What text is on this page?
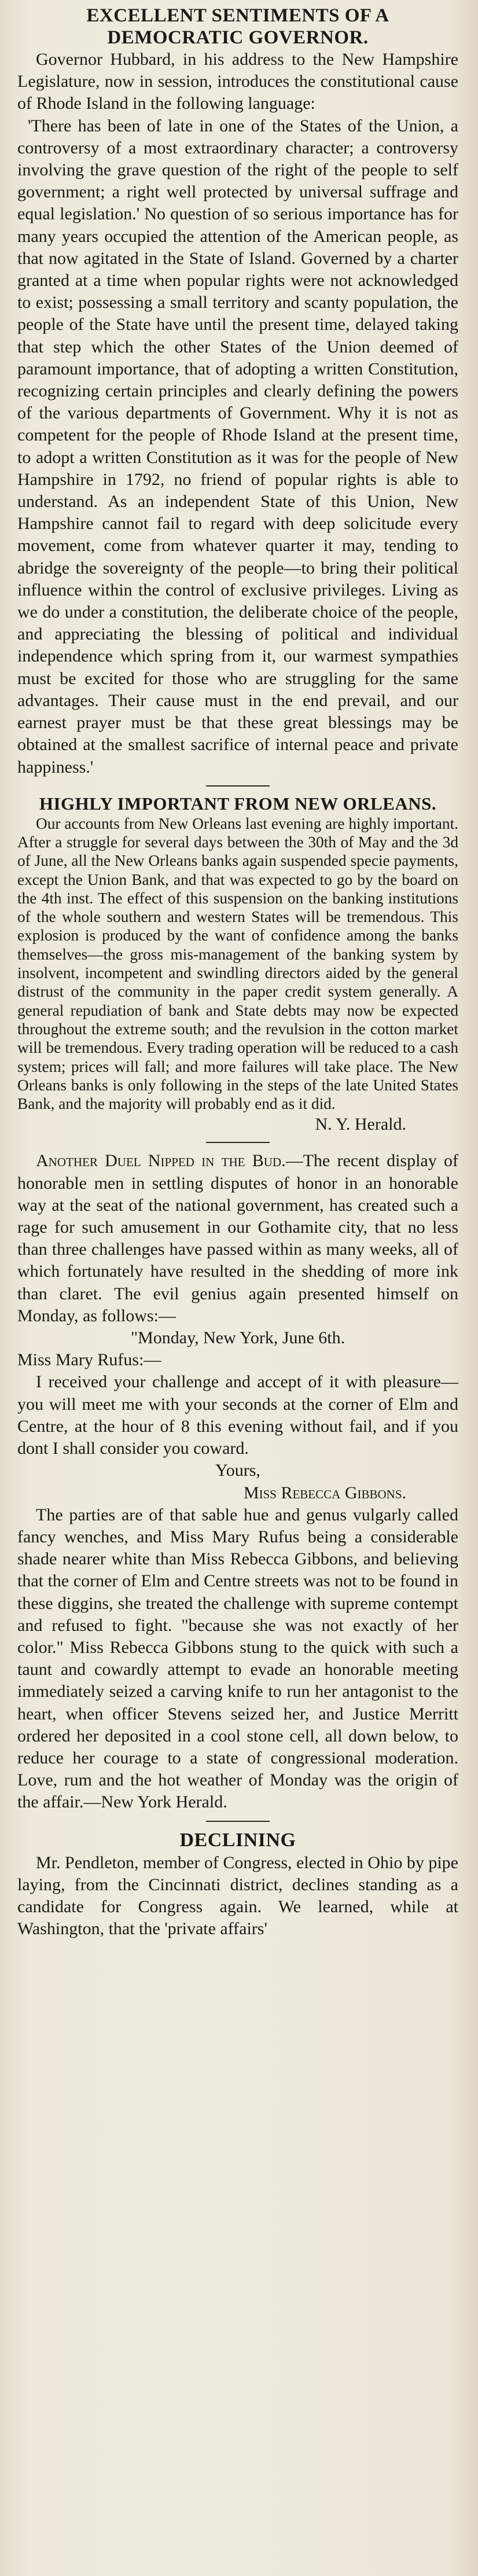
EXCELLENT SENTIMENTS OF A
DEMOCRATIC GOVERNOR.

Governor Hubbard, in his address to the New Hampshire Legislature, now in session, introduces the constitutional cause of Rhode Island in the following language:

'There has been of late in one of the States of the Union, a controversy of a most extraordinary character; a controversy involving the grave question of the right of the people to self government; a right well protected by universal suffrage and equal legislation.' No question of so serious importance has for many years occupied the attention of the American people, as that now agitated in the State of Island. Governed by a charter granted at a time when popular rights were not acknowledged to exist; possessing a small territory and scanty population, the people of the State have until the present time, delayed taking that step which the other States of the Union deemed of paramount importance, that of adopting a written Constitution, recognizing certain principles and clearly defining the powers of the various departments of Government. Why it is not as competent for the people of Rhode Island at the present time, to adopt a written Constitution as it was for the people of New Hampshire in 1792, no friend of popular rights is able to understand. As an independent State of this Union, New Hampshire cannot fail to regard with deep solicitude every movement, come from whatever quarter it may, tending to abridge the sovereignty of the people—to bring their political influence within the control of exclusive privileges. Living as we do under a constitution, the deliberate choice of the people, and appreciating the blessing of political and individual independence which spring from it, our warmest sympathies must be excited for those who are struggling for the same advantages. Their cause must in the end prevail, and our earnest prayer must be that these great blessings may be obtained at the smallest sacrifice of internal peace and private happiness.'

HIGHLY IMPORTANT FROM NEW ORLEANS.

Our accounts from New Orleans last evening are highly important. After a struggle for several days between the 30th of May and the 3d of June, all the New Orleans banks again suspended specie payments, except the Union Bank, and that was expected to go by the board on the 4th inst. The effect of this suspension on the banking institutions of the whole southern and western States will be tremendous. This explosion is produced by the want of confidence among the banks themselves—the gross mis-management of the banking system by insolvent, incompetent and swindling directors aided by the general distrust of the community in the paper credit system generally. A general repudiation of bank and State debts may now be expected throughout the extreme south; and the revulsion in the cotton market will be tremendous. Every trading operation will be reduced to a cash system; prices will fall; and more failures will take place. The New Orleans banks is only following in the steps of the late United States Bank, and the majority will probably end as it did.

N. Y. Herald.

Another Duel Nipped in the Bud.—The recent display of honorable men in settling disputes of honor in an honorable way at the seat of the national government, has created such a rage for such amusement in our Gothamite city, that no less than three challenges have passed within as many weeks, all of which fortunately have resulted in the shedding of more ink than claret. The evil genius again presented himself on Monday, as follows:—

"Monday, New York, June 6th.
Miss Mary Rufus:—

I received your challenge and accept of it with pleasure—you will meet me with your seconds at the corner of Elm and Centre, at the hour of 8 this evening without fail, and if you dont I shall consider you coward.

Yours,
Miss Rebecca Gibbons.

The parties are of that sable hue and genus vulgarly called fancy wenches, and Miss Mary Rufus being a considerable shade nearer white than Miss Rebecca Gibbons, and believing that the corner of Elm and Centre streets was not to be found in these diggins, she treated the challenge with supreme contempt and refused to fight. "because she was not exactly of her color." Miss Rebecca Gibbons stung to the quick with such a taunt and cowardly attempt to evade an honorable meeting immediately seized a carving knife to run her antagonist to the heart, when officer Stevens seized her, and Justice Merritt ordered her deposited in a cool stone cell, all down below, to reduce her courage to a state of congressional moderation. Love, rum and the hot weather of Monday was the origin of the affair.—New York Herald.

DECLINING

Mr. Pendleton, member of Congress, elected in Ohio by pipe laying, from the Cincinnati district, declines standing as a candidate for Congress again. We learned, while at Washington, that the 'private affairs'
